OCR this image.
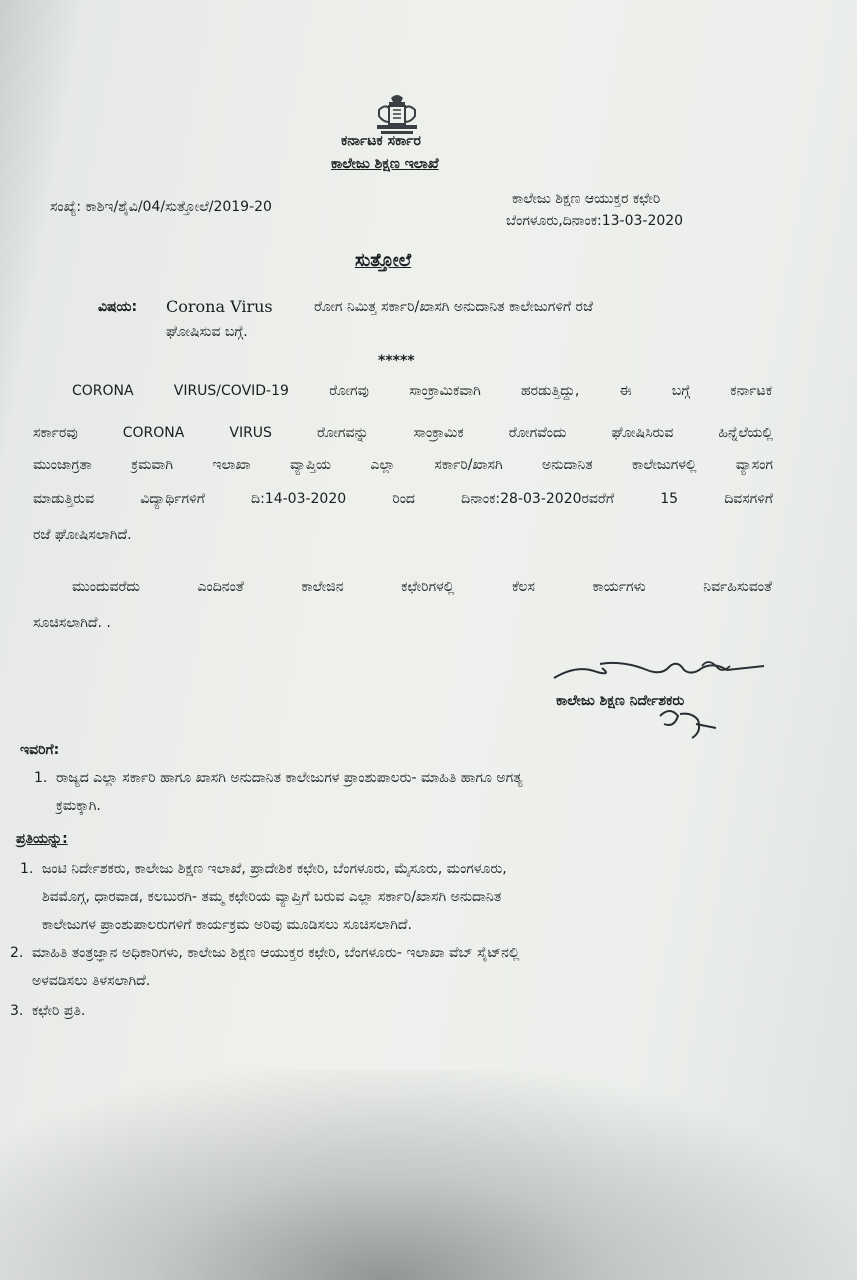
ಕರ್ನಾಟಕ ಸರ್ಕಾರ
ಕಾಲೇಜು ಶಿಕ್ಷಣ ಇಲಾಖೆ
ಸಂಖ್ಯೆ: ಕಾಶಿಇ/ಶೈವಿ/04/ಸುತ್ತೋಲೆ/2019-20	ಕಾಲೇಜು ಶಿಕ್ಷಣ ಆಯುಕ್ತರ ಕಛೇರಿ
ಬೆಂಗಳೂರು,ದಿನಾಂಕ:13-03-2020
ಸುತ್ತೋಲೆ
ವಿಷಯ: Corona Virus	ರೋಗ ನಿಮಿತ್ತ ಸರ್ಕಾರಿ/ಖಾಸಗಿ ಅನುದಾನಿತ ಕಾಲೇಜುಗಳಿಗೆ ರಜೆ
ಘೋಷಿಸುವ ಬಗ್ಗೆ.
*****
CORONA VIRUS/COVID-19 ರೋಗವು ಸಾಂಕ್ರಾಮಿಕವಾಗಿ ಹರಡುತ್ತಿದ್ದು, ಈ ಬಗ್ಗೆ ಕರ್ನಾಟಕ
ಸರ್ಕಾರವು CORONA VIRUS ರೋಗವನ್ನು ಸಾಂಕ್ರಾಮಿಕ ರೋಗವೆಂದು ಘೋಷಿಸಿರುವ ಹಿನ್ನೆಲೆಯಲ್ಲಿ
ಮುಂಜಾಗ್ರತಾ ಕ್ರಮವಾಗಿ ಇಲಾಖಾ ವ್ಯಾಪ್ತಿಯ ಎಲ್ಲಾ ಸರ್ಕಾರಿ/ಖಾಸಗಿ ಅನುದಾನಿತ ಕಾಲೇಜುಗಳಲ್ಲಿ ವ್ಯಾಸಂಗ
ಮಾಡುತ್ತಿರುವ ವಿದ್ಯಾರ್ಥಿಗಳಿಗೆ ದಿ:14-03-2020 ರಿಂದ ದಿನಾಂಕ:28-03-2020ರವರೆಗೆ 15 ದಿವಸಗಳಿಗೆ
ರಜೆ ಘೋಷಿಸಲಾಗಿದೆ.
ಮುಂದುವರೆದು ಎಂದಿನಂತೆ ಕಾಲೇಜಿನ ಕಛೇರಿಗಳಲ್ಲಿ ಕೆಲಸ ಕಾರ್ಯಗಳು ನಿರ್ವಹಿಸುವಂತೆ
ಸೂಚಿಸಲಾಗಿದೆ. .
ಕಾಲೇಜು ಶಿಕ್ಷಣ ನಿರ್ದೇಶಕರು
ಇವರಿಗೆ:
1. ರಾಜ್ಯದ ಎಲ್ಲಾ ಸರ್ಕಾರಿ ಹಾಗೂ ಖಾಸಗಿ ಅನುದಾನಿತ ಕಾಲೇಜುಗಳ ಪ್ರಾಂಶುಪಾಲರು- ಮಾಹಿತಿ ಹಾಗೂ ಅಗತ್ಯ
ಕ್ರಮಕ್ಕಾಗಿ.
ಪ್ರತಿಯನ್ನು:
1. ಜಂಟಿ ನಿರ್ದೇಶಕರು, ಕಾಲೇಜು ಶಿಕ್ಷಣ ಇಲಾಖೆ, ಪ್ರಾದೇಶಿಕ ಕಛೇರಿ, ಬೆಂಗಳೂರು, ಮೈಸೂರು, ಮಂಗಳೂರು,
ಶಿವಮೊಗ್ಗ, ಧಾರವಾಡ, ಕಲಬುರಗಿ- ತಮ್ಮ ಕಛೇರಿಯ ವ್ಯಾಪ್ತಿಗೆ ಬರುವ ಎಲ್ಲಾ ಸರ್ಕಾರಿ/ಖಾಸಗಿ ಅನುದಾನಿತ
ಕಾಲೇಜುಗಳ ಪ್ರಾಂಶುಪಾಲರುಗಳಿಗೆ ಕಾರ್ಯಕ್ರಮ ಅರಿವು ಮೂಡಿಸಲು ಸೂಚಿಸಲಾಗಿದೆ.
2. ಮಾಹಿತಿ ತಂತ್ರಜ್ಞಾನ ಅಧಿಕಾರಿಗಳು, ಕಾಲೇಜು ಶಿಕ್ಷಣ ಆಯುಕ್ತರ ಕಛೇರಿ, ಬೆಂಗಳೂರು- ಇಲಾಖಾ ವೆಬ್ ಸೈಟ್‌ನಲ್ಲಿ
ಅಳವಡಿಸಲು ತಿಳಸಲಾಗಿದೆ.
3. ಕಛೇರಿ ಪ್ರತಿ.
